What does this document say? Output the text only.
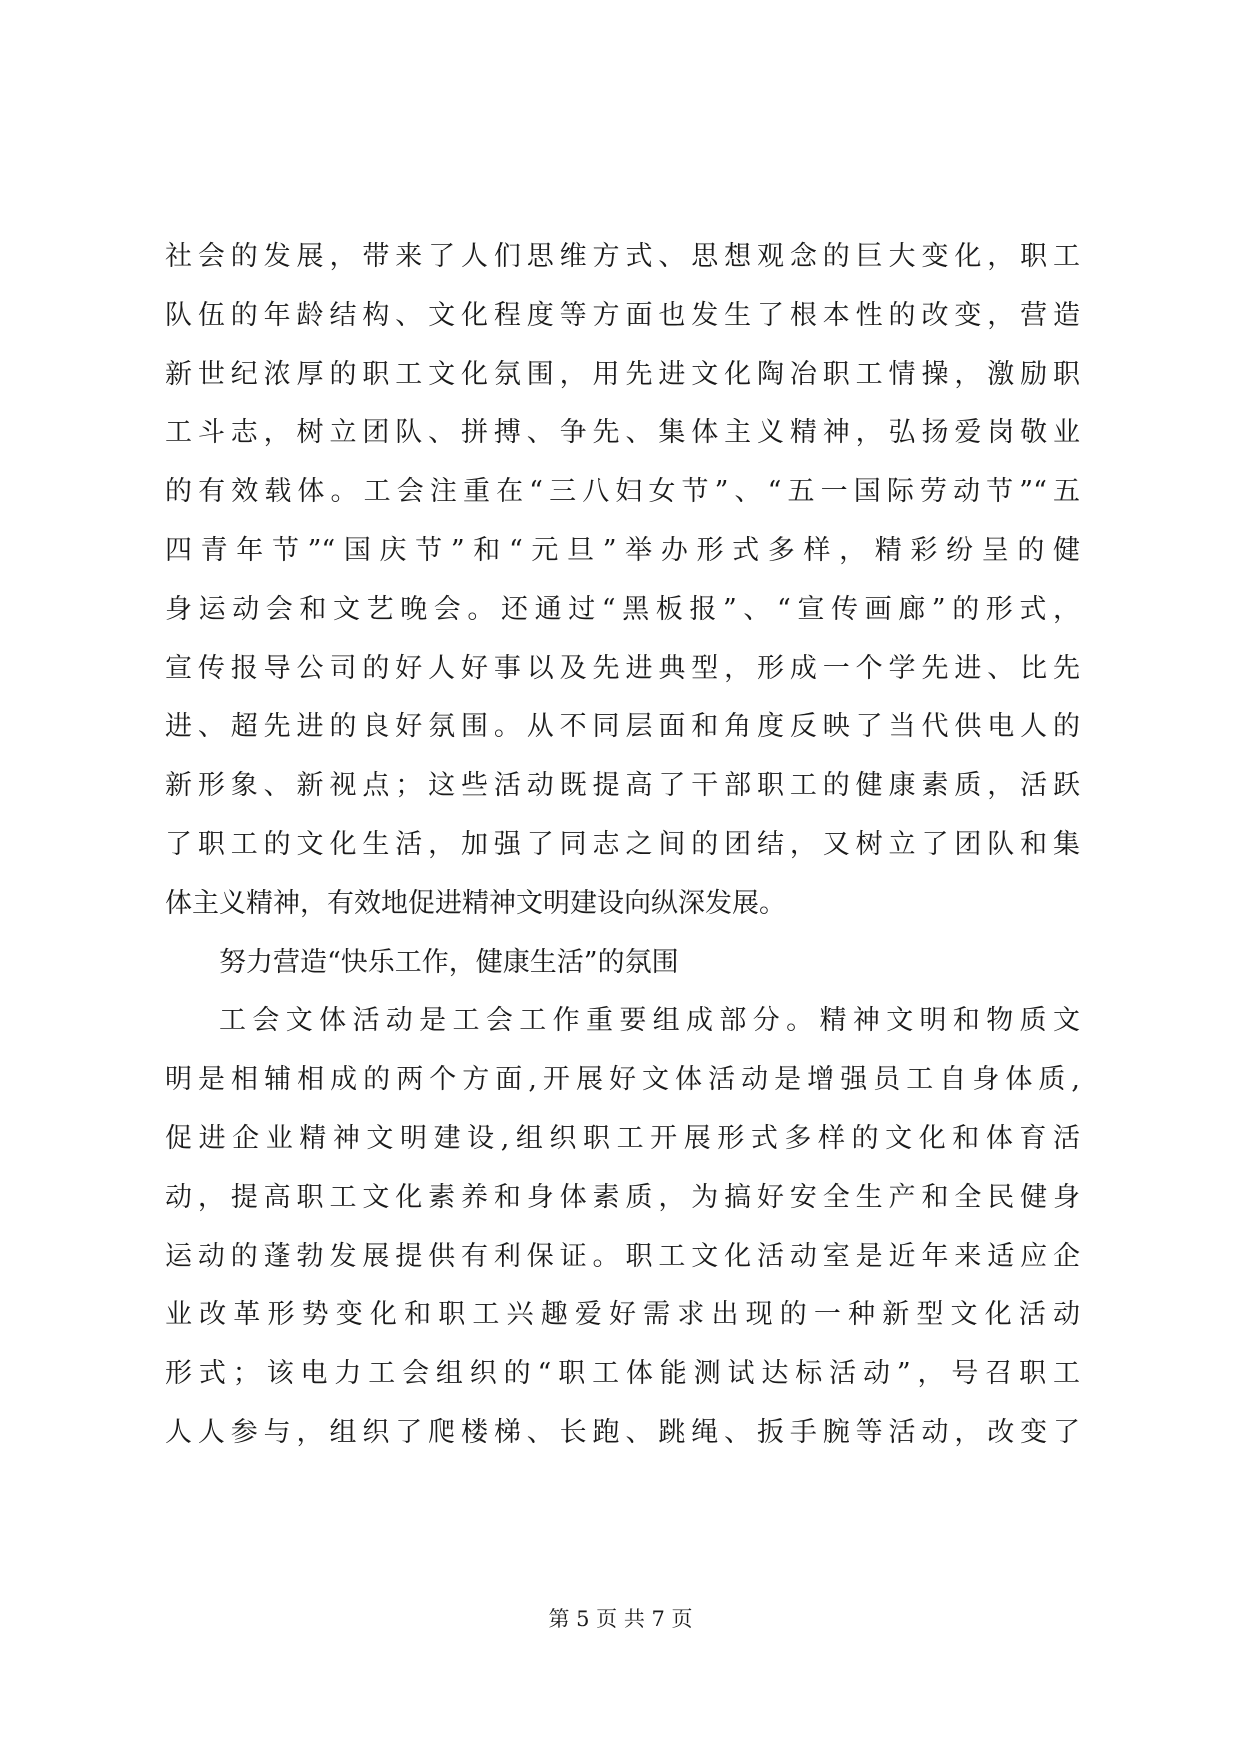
社会的发展，带来了人们思维方式、思想观念的巨大变化，职工
队伍的年龄结构、文化程度等方面也发生了根本性的改变，营造
新世纪浓厚的职工文化氛围，用先进文化陶冶职工情操，激励职
工斗志，树立团队、拼搏、争先、集体主义精神，弘扬爱岗敬业
的有效载体。工会注重在“三八妇女节”、“五一国际劳动节”“五
四青年节”“国庆节”和“元旦”举办形式多样，精彩纷呈的健
身运动会和文艺晚会。还通过“黑板报”、“宣传画廊”的形式，
宣传报导公司的好人好事以及先进典型，形成一个学先进、比先
进、超先进的良好氛围。从不同层面和角度反映了当代供电人的
新形象、新视点；这些活动既提高了干部职工的健康素质，活跃
了职工的文化生活，加强了同志之间的团结，又树立了团队和集
体主义精神，有效地促进精神文明建设向纵深发展。
努力营造“快乐工作，健康生活”的氛围
工会文体活动是工会工作重要组成部分。精神文明和物质文
明是相辅相成的两个方面,开展好文体活动是增强员工自身体质,
促进企业精神文明建设,组织职工开展形式多样的文化和体育活
动，提高职工文化素养和身体素质，为搞好安全生产和全民健身
运动的蓬勃发展提供有利保证。职工文化活动室是近年来适应企
业改革形势变化和职工兴趣爱好需求出现的一种新型文化活动
形式；该电力工会组织的“职工体能测试达标活动”，号召职工
人人参与，组织了爬楼梯、长跑、跳绳、扳手腕等活动，改变了
第 5 页 共 7 页
